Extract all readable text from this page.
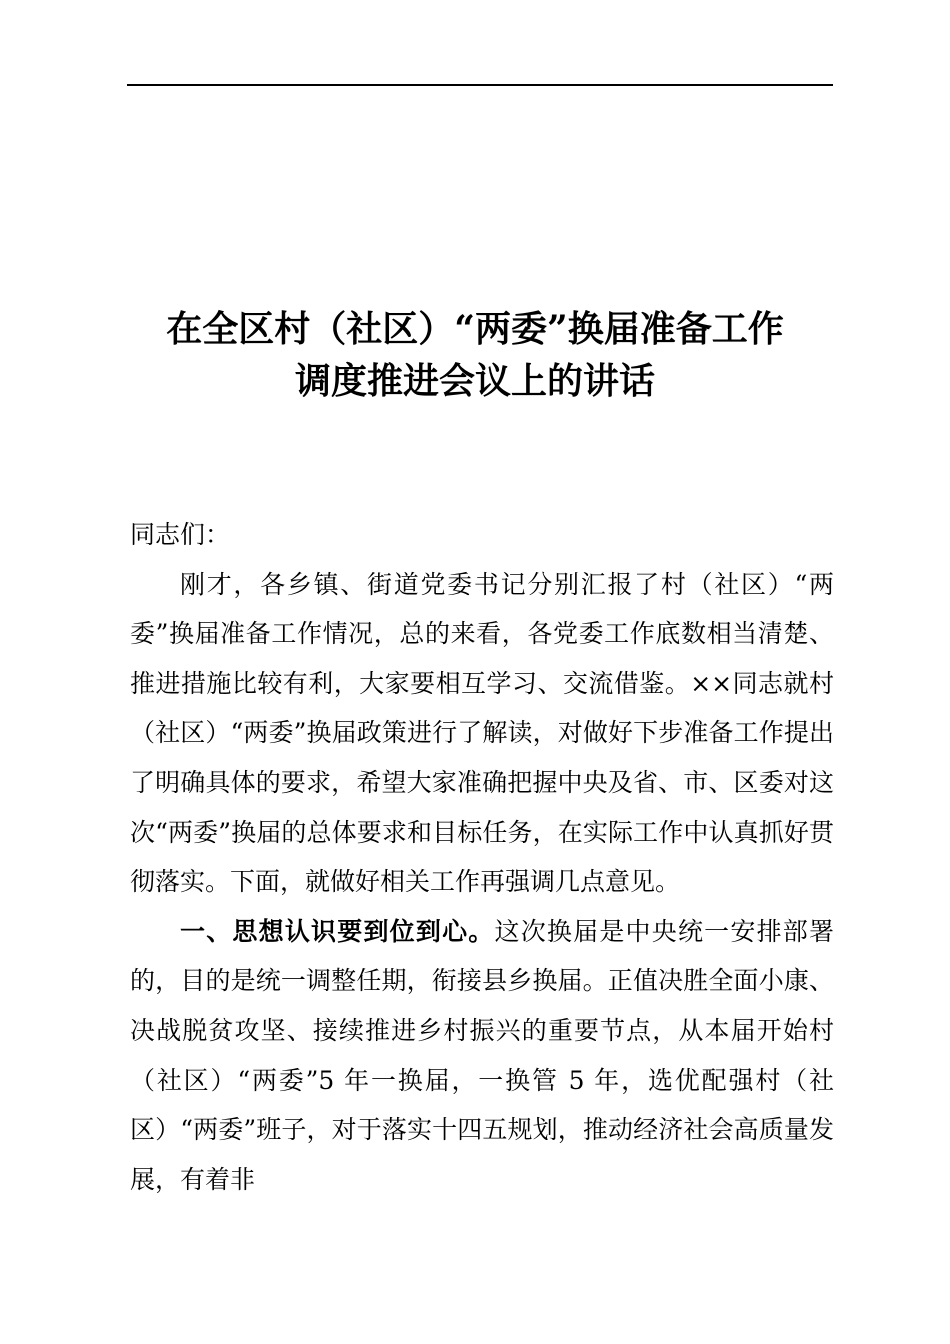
在全区村（社区）“两委”换届准备工作
调度推进会议上的讲话

同志们：

刚才，各乡镇、街道党委书记分别汇报了村（社区）“两委”换届准备工作情况，总的来看，各党委工作底数相当清楚、推进措施比较有利，大家要相互学习、交流借鉴。××同志就村（社区）“两委”换届政策进行了解读，对做好下步准备工作提出了明确具体的要求，希望大家准确把握中央及省、市、区委对这次“两委”换届的总体要求和目标任务，在实际工作中认真抓好贯彻落实。下面，就做好相关工作再强调几点意见。

一、思想认识要到位到心。这次换届是中央统一安排部署的，目的是统一调整任期，衔接县乡换届。正值决胜全面小康、决战脱贫攻坚、接续推进乡村振兴的重要节点，从本届开始村（社区）“两委”5 年一换届，一换管 5 年，选优配强村（社区）“两委”班子，对于落实十四五规划，推动经济社会高质量发展，有着非
